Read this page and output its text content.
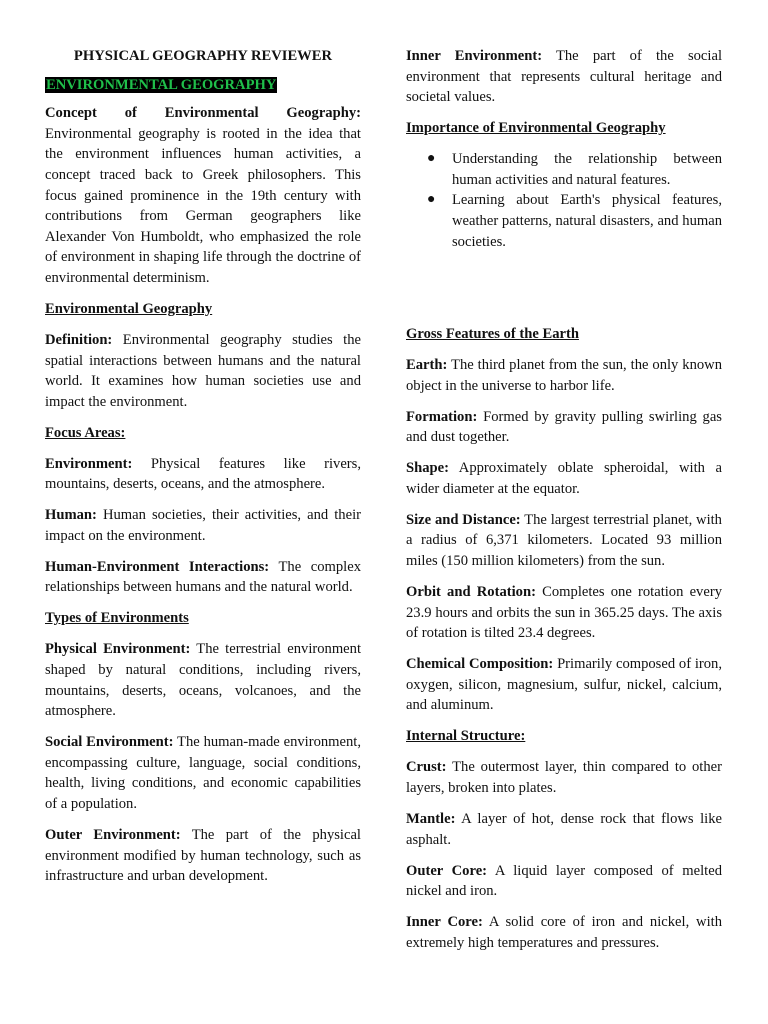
PHYSICAL GEOGRAPHY REVIEWER
ENVIRONMENTAL GEOGRAPHY

Concept of Environmental Geography: Environmental geography is rooted in the idea that the environment influences human activities, a concept traced back to Greek philosophers. This focus gained prominence in the 19th century with contributions from German geographers like Alexander Von Humboldt, who emphasized the role of environment in shaping life through the doctrine of environmental determinism.

Environmental Geography

Definition: Environmental geography studies the spatial interactions between humans and the natural world. It examines how human societies use and impact the environment.

Focus Areas:

Environment: Physical features like rivers, mountains, deserts, oceans, and the atmosphere.

Human: Human societies, their activities, and their impact on the environment.

Human-Environment Interactions: The complex relationships between humans and the natural world.

Types of Environments

Physical Environment: The terrestrial environment shaped by natural conditions, including rivers, mountains, deserts, oceans, volcanoes, and the atmosphere.

Social Environment: The human-made environment, encompassing culture, language, social conditions, health, living conditions, and economic capabilities of a population.

Outer Environment: The part of the physical environment modified by human technology, such as infrastructure and urban development.

Inner Environment: The part of the social environment that represents cultural heritage and societal values.

Importance of Environmental Geography
● Understanding the relationship between human activities and natural features.
● Learning about Earth's physical features, weather patterns, natural disasters, and human societies.
Gross Features of the Earth

Earth: The third planet from the sun, the only known object in the universe to harbor life.

Formation: Formed by gravity pulling swirling gas and dust together.

Shape: Approximately oblate spheroidal, with a wider diameter at the equator.

Size and Distance: The largest terrestrial planet, with a radius of 6,371 kilometers. Located 93 million miles (150 million kilometers) from the sun.

Orbit and Rotation: Completes one rotation every 23.9 hours and orbits the sun in 365.25 days. The axis of rotation is tilted 23.4 degrees.

Chemical Composition: Primarily composed of iron, oxygen, silicon, magnesium, sulfur, nickel, calcium, and aluminum.

Internal Structure:

Crust: The outermost layer, thin compared to other layers, broken into plates.

Mantle: A layer of hot, dense rock that flows like asphalt.

Outer Core: A liquid layer composed of melted nickel and iron.

Inner Core: A solid core of iron and nickel, with extremely high temperatures and pressures.
